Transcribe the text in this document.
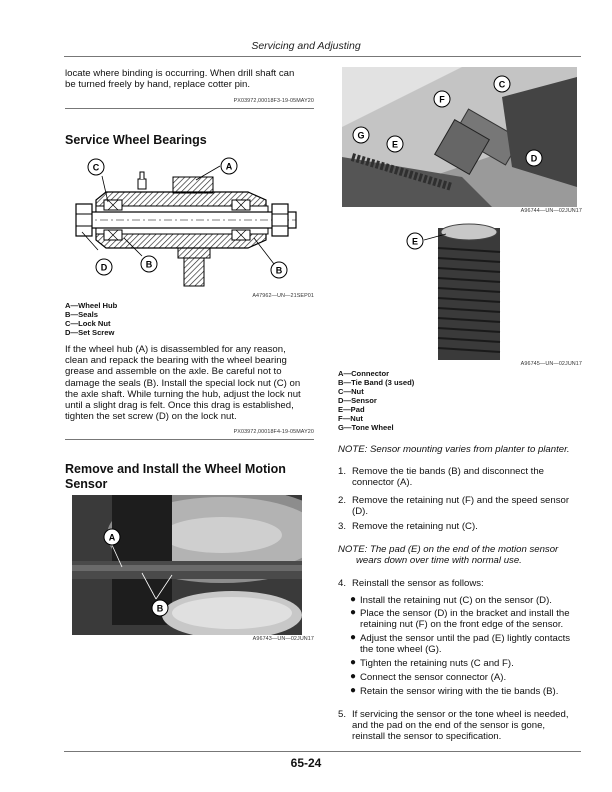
Servicing and Adjusting
locate where binding is occurring. When drill shaft can
be turned freely by hand, replace cotter pin.
PX03972,00018F3-19-05MAY20
Service Wheel Bearings
C	A
B
D	B
A47962—UN—21SEP01
A—Wheel Hub
B—Seals
C—Lock Nut
D—Set Screw
If the wheel hub (A) is disassembled for any reason,
clean and repack the bearing with the wheel bearing
grease and assemble on the axle. Be careful not to
damage the seals (B). Install the special lock nut (C) on
the axle shaft. While turning the hub, adjust the lock nut
until a slight drag is felt. Once this drag is established,
tighten the set screw (D) on the lock nut.
PX03972,00018F4-19-05MAY20
Remove and Install the Wheel Motion
Sensor
A
B
A96743—UN—02JUN17
C
F
G
E
D
A96744—UN—02JUN17
E
A96745—UN—02JUN17
A—Connector
B—Tie Band (3 used)
C—Nut
D—Sensor
E—Pad
F—Nut
G—Tone Wheel
NOTE: Sensor mounting varies from planter to planter.
1. Remove the tie bands (B) and disconnect the
connector (A).
2. Remove the retaining nut (F) and the speed sensor
(D).
3. Remove the retaining nut (C).
NOTE: The pad (E) on the end of the motion sensor
wears down over time with normal use.
4. Reinstall the sensor as follows:
● Install the retaining nut (C) on the sensor (D).
● Place the sensor (D) in the bracket and install the
retaining nut (F) on the front edge of the sensor.
● Adjust the sensor until the pad (E) lightly contacts
the tone wheel (G).
● Tighten the retaining nuts (C and F).
● Connect the sensor connector (A).
● Retain the sensor wiring with the tie bands (B).
5. If servicing the sensor or the tone wheel is needed,
and the pad on the end of the sensor is gone,
reinstall the sensor to specification.
65-24
